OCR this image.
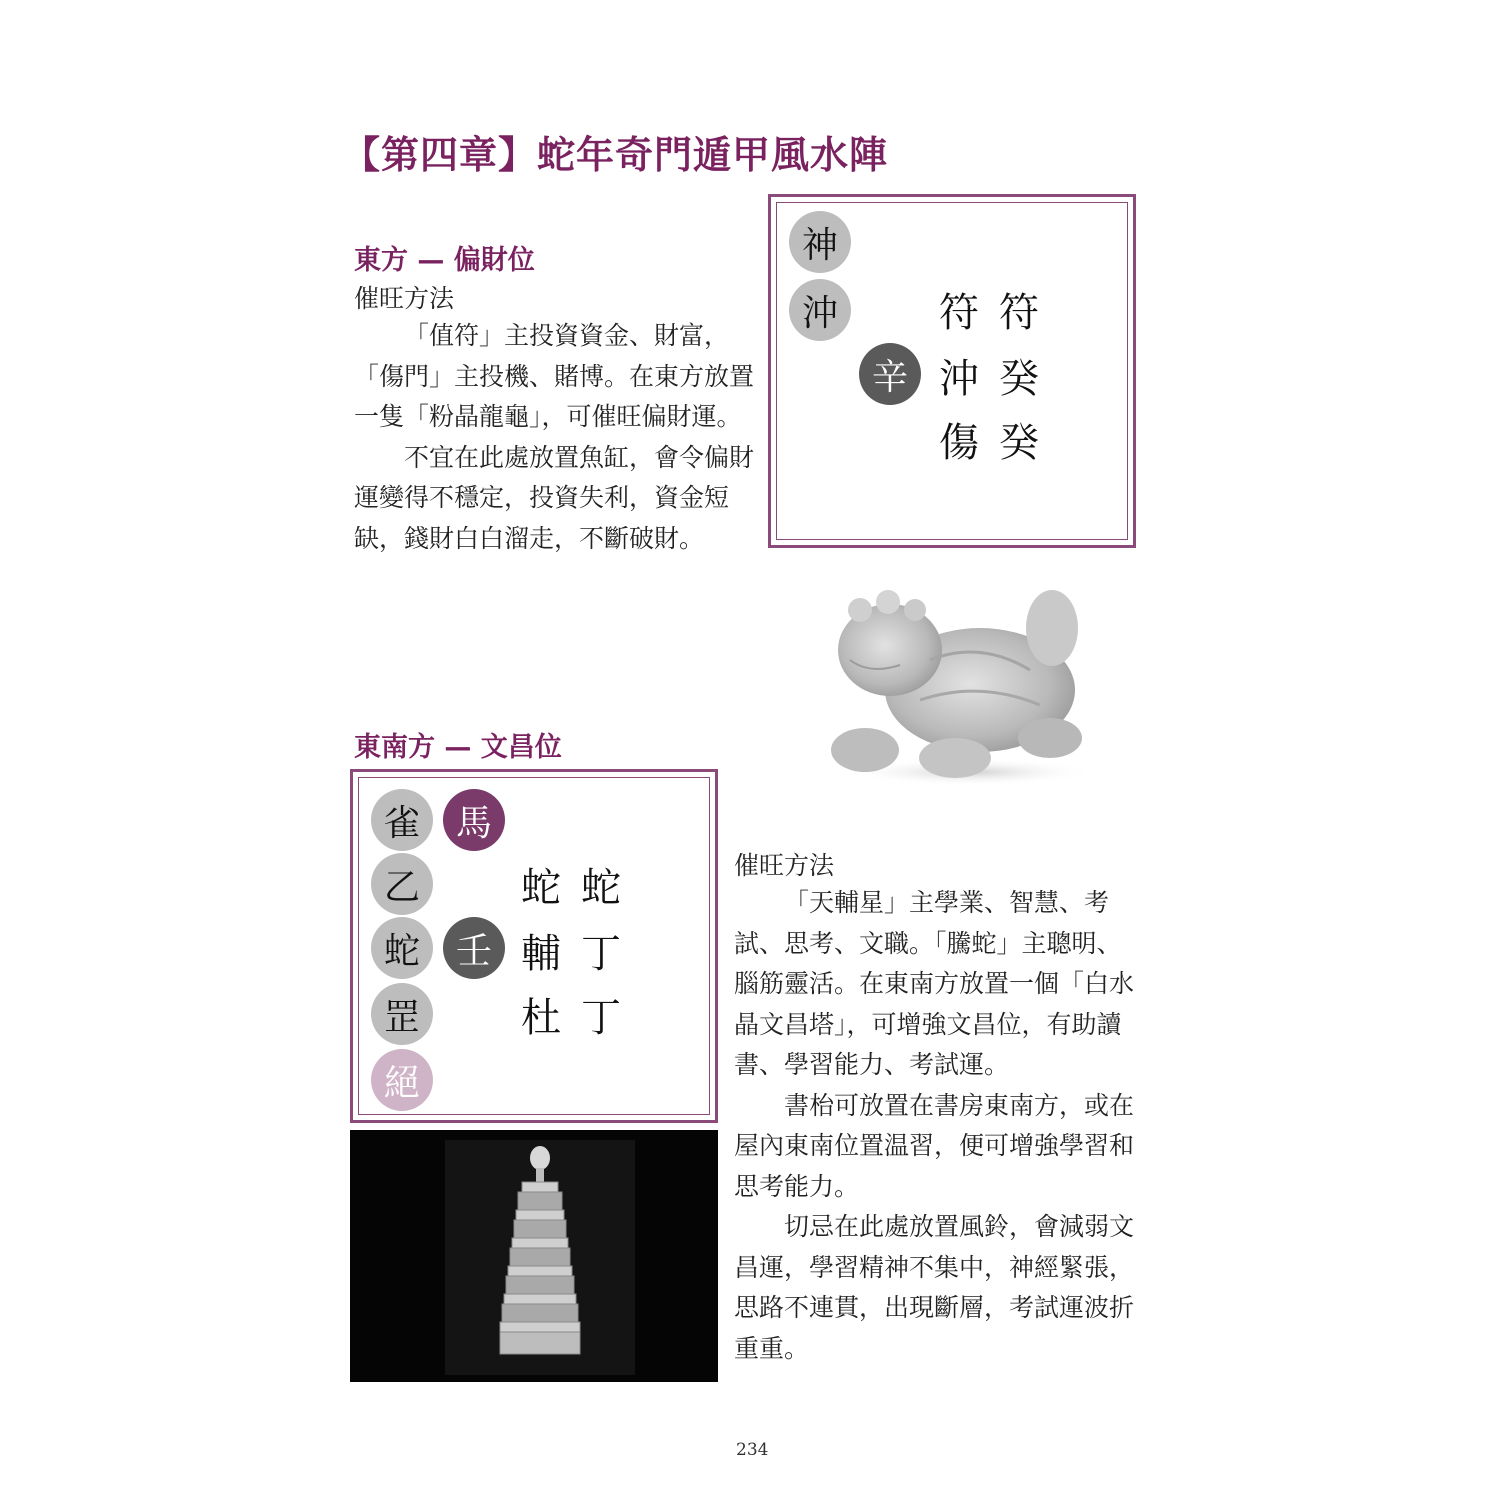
【第四章】蛇年奇門遁甲風水陣
東方 — 偏財位
催旺方法

「值符」主投資資金、財富，「傷門」主投機、賭博。在東方放置一隻「粉晶龍龜」，可催旺偏財運。

不宜在此處放置魚缸，會令偏財運變得不穩定，投資失利，資金短缺，錢財白白溜走，不斷破財。

神
沖
辛
符 符
沖 癸
傷 癸
東南方 — 文昌位
雀
乙
蛇
罡
絕
馬
壬
蛇 蛇
輔 丁
杜 丁
催旺方法

「天輔星」主學業、智慧、考試、思考、文職。「騰蛇」主聰明、腦筋靈活。在東南方放置一個「白水晶文昌塔」，可增強文昌位，有助讀書、學習能力、考試運。

書枱可放置在書房東南方，或在屋內東南位置温習，便可增強學習和思考能力。

切忌在此處放置風鈴，會減弱文昌運，學習精神不集中，神經緊張，思路不連貫，出現斷層，考試運波折重重。

234
